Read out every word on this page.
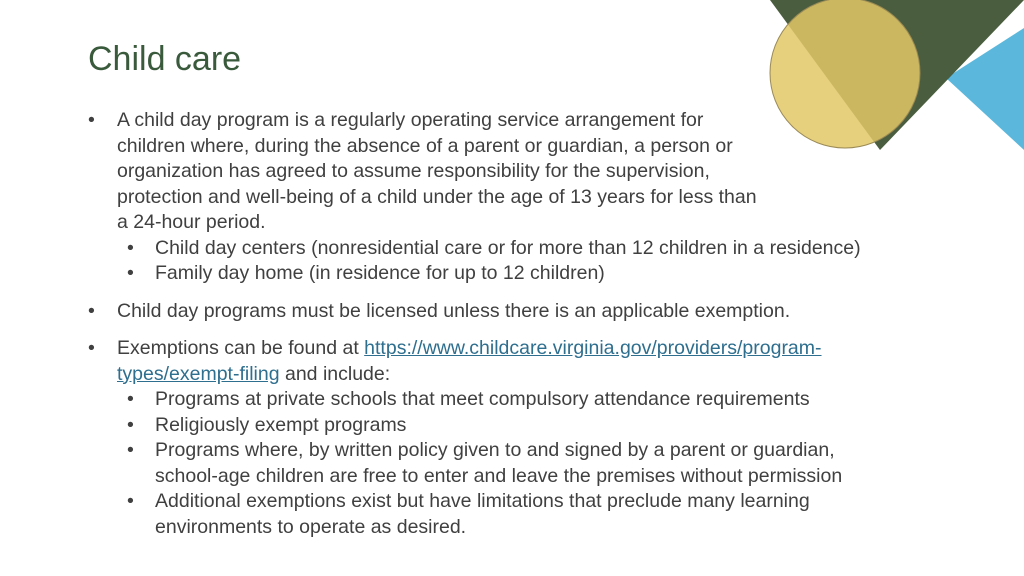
Child care
• A child day program is a regularly operating service arrangement for children where, during the absence of a parent or guardian, a person or organization has agreed to assume responsibility for the supervision, protection and well-being of a child under the age of 13 years for less than a 24-hour period.
• Child day centers (nonresidential care or for more than 12 children in a residence)
• Family day home (in residence for up to 12 children)
• Child day programs must be licensed unless there is an applicable exemption.
• Exemptions can be found at https://www.childcare.virginia.gov/providers/program-types/exempt-filing and include:
• Programs at private schools that meet compulsory attendance requirements
• Religiously exempt programs
• Programs where, by written policy given to and signed by a parent or guardian, school-age children are free to enter and leave the premises without permission
• Additional exemptions exist but have limitations that preclude many learning environments to operate as desired.
